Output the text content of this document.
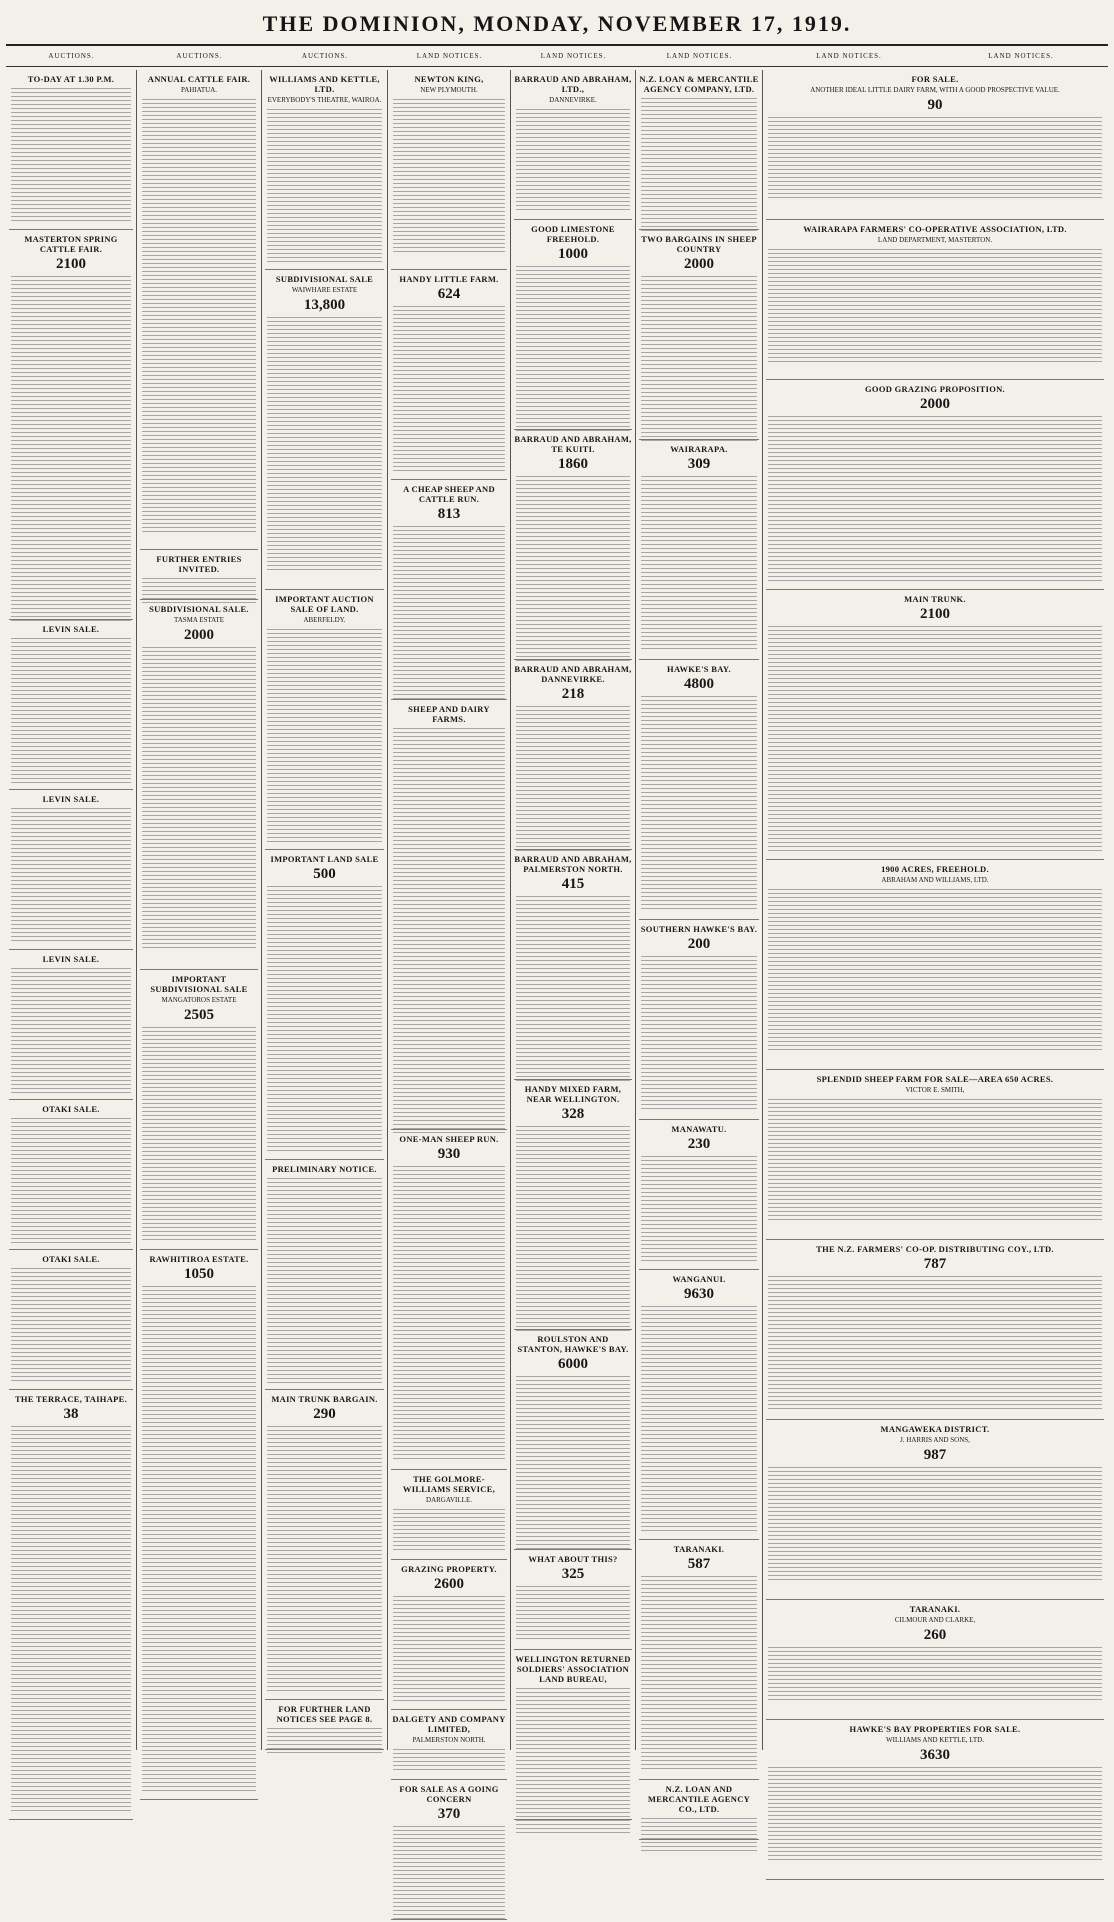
THE DOMINION, MONDAY, NOVEMBER 17, 1919.
AUCTIONS.	AUCTIONS.	AUCTIONS.	LAND NOTICES.	LAND NOTICES.	LAND NOTICES.	LAND NOTICES.	LAND NOTICES.
TO-DAY AT 1.30 P.M.
MASTERTON SPRING CATTLE FAIR.
2100
LEVIN SALE.
LEVIN SALE.
LEVIN SALE.
OTAKI SALE.
OTAKI SALE.
THE TERRACE, TAIHAPE.
38
ANNUAL CATTLE FAIR.
PAHIATUA.
FURTHER ENTRIES INVITED.
SUBDIVISIONAL SALE.
TASMA ESTATE
2000
IMPORTANT SUBDIVISIONAL SALE
MANGATOROS ESTATE
2505
RAWHITIROA ESTATE.
1050
WILLIAMS AND KETTLE, LTD.
EVERYBODY'S THEATRE, WAIROA.
SUBDIVISIONAL SALE
WAIWHARE ESTATE
13,800
IMPORTANT AUCTION SALE OF LAND.
ABERFELDY.
IMPORTANT LAND SALE
500
PRELIMINARY NOTICE.
MAIN TRUNK BARGAIN.
290
FOR FURTHER LAND NOTICES SEE PAGE 8.
NEWTON KING,
NEW PLYMOUTH.
HANDY LITTLE FARM.
624
A CHEAP SHEEP AND CATTLE RUN.
813
SHEEP AND DAIRY FARMS.
ONE-MAN SHEEP RUN.
930
THE GOLMORE-WILLIAMS SERVICE,
DARGAVILLE.
GRAZING PROPERTY.
2600
DALGETY AND COMPANY LIMITED,
PALMERSTON NORTH.
FOR SALE AS A GOING CONCERN
370
BARRAUD AND ABRAHAM, LTD.,
DANNEVIRKE.
GOOD LIMESTONE FREEHOLD.
1000
BARRAUD AND ABRAHAM, TE KUITI.
1860
BARRAUD AND ABRAHAM, DANNEVIRKE.
218
BARRAUD AND ABRAHAM, PALMERSTON NORTH.
415
HANDY MIXED FARM, NEAR WELLINGTON.
328
ROULSTON AND STANTON, HAWKE'S BAY.
6000
WHAT ABOUT THIS?
325
WELLINGTON RETURNED SOLDIERS' ASSOCIATION LAND BUREAU,
N.Z. LOAN & MERCANTILE AGENCY COMPANY, LTD.
TWO BARGAINS IN SHEEP COUNTRY
2000
WAIRARAPA.
309
HAWKE'S BAY.
4800
SOUTHERN HAWKE'S BAY.
200
MANAWATU.
230
WANGANUI.
9630
TARANAKI.
587
N.Z. LOAN AND MERCANTILE AGENCY CO., LTD.
FOR SALE.
ANOTHER IDEAL LITTLE DAIRY FARM, WITH A GOOD PROSPECTIVE VALUE.
90
WAIRARAPA FARMERS' CO-OPERATIVE ASSOCIATION, LTD.
LAND DEPARTMENT, MASTERTON.
GOOD GRAZING PROPOSITION.
2000
MAIN TRUNK.
2100
1900 ACRES, FREEHOLD.
ABRAHAM AND WILLIAMS, LTD.
SPLENDID SHEEP FARM FOR SALE—AREA 650 ACRES.
VICTOR E. SMITH,
THE N.Z. FARMERS' CO-OP. DISTRIBUTING COY., LTD.
787
MANGAWEKA DISTRICT.
J. HARRIS AND SONS,
987
TARANAKI.
CILMOUR AND CLARKE,
260
HAWKE'S BAY PROPERTIES FOR SALE.
WILLIAMS AND KETTLE, LTD.
3630
